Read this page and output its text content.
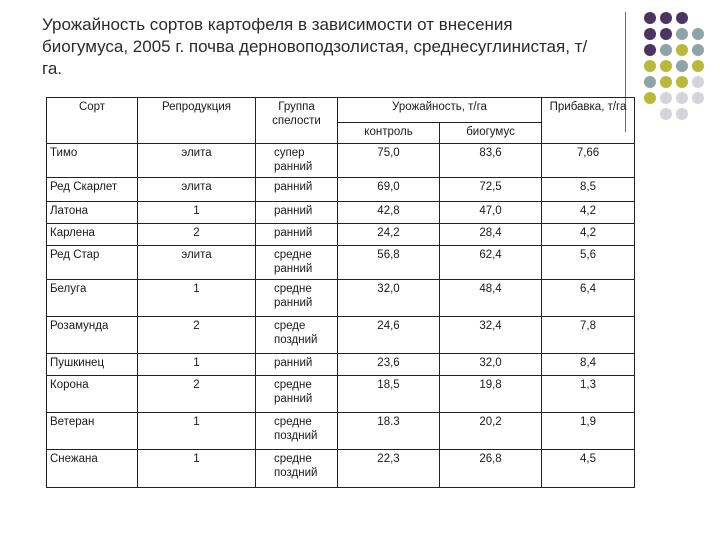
Урожайность сортов картофеля в зависимости от внесения биогумуса, 2005 г. почва дерновоподзолистая, среднесуглинистая, т/га.
Сорт	Репродукция	Группа спелости	Урожайность, т/га		Прибавка, т/га
			контроль	биогумус	
Тимо	элита	супер ранний	75,0	83,6	7,66
Ред Скарлет	элита	ранний	69,0	72,5	8,5
Латона	1	ранний	42,8	47,0	4,2
Карлена	2	ранний	24,2	28,4	4,2
Ред Стар	элита	средне ранний	56,8	62,4	5,6
Белуга	1	средне ранний	32,0	48,4	6,4
Розамунда	2	среде поздний	24,6	32,4	7,8
Пушкинец	1	ранний	23,6	32,0	8,4
Корона	2	средне ранний	18,5	19,8	1,3
Ветеран	1	средне поздний	18.3	20,2	1,9
Снежана	1	средне поздний	22,3	26,8	4,5
